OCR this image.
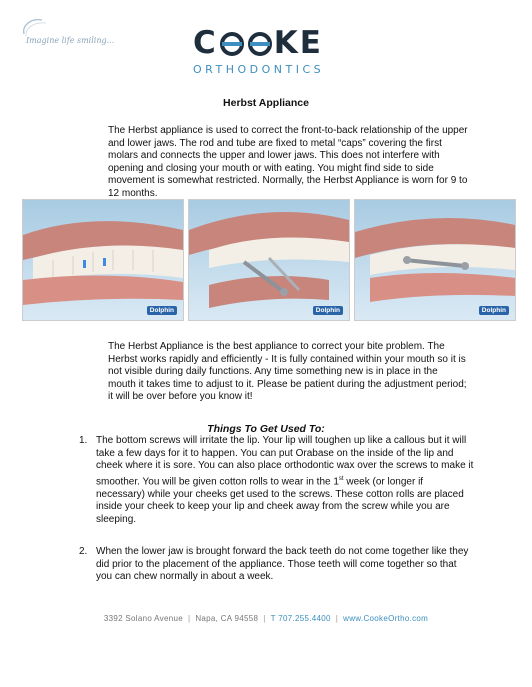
Imagine life smiling...	C KE
ORTHODONTICS
Herbst Appliance
The Herbst appliance is used to correct the front-to-back relationship of the upper and lower jaws. The rod and tube are fixed to metal “caps” covering the first molars and connects the upper and lower jaws. This does not interfere with opening and closing your mouth or with eating. You might find side to side movement is somewhat restricted. Normally, the Herbst Appliance is worn for 9 to 12 months.
Dolphin	Dolphin	Dolphin
The Herbst Appliance is the best appliance to correct your bite problem. The Herbst works rapidly and efficiently - It is fully contained within your mouth so it is not visible during daily functions. Any time something new is in place in the mouth it takes time to adjust to it. Please be patient during the adjustment period; it will be over before you know it!
Things To Get Used To:
1. The bottom screws will irritate the lip. Your lip will toughen up like a callous but it will take a few days for it to happen. You can put Orabase on the inside of the lip and cheek where it is sore. You can also place orthodontic wax over the screws to make it smoother. You will be given cotton rolls to wear in the 1st week (or longer if necessary) while your cheeks get used to the screws. These cotton rolls are placed inside your cheek to keep your lip and cheek away from the screw while you are sleeping.
2. When the lower jaw is brought forward the back teeth do not come together like they did prior to the placement of the appliance. Those teeth will come together so that you can chew normally in about a week.
3392 Solano Avenue | Napa, CA 94558 | T 707.255.4400 | www.CookeOrtho.com
